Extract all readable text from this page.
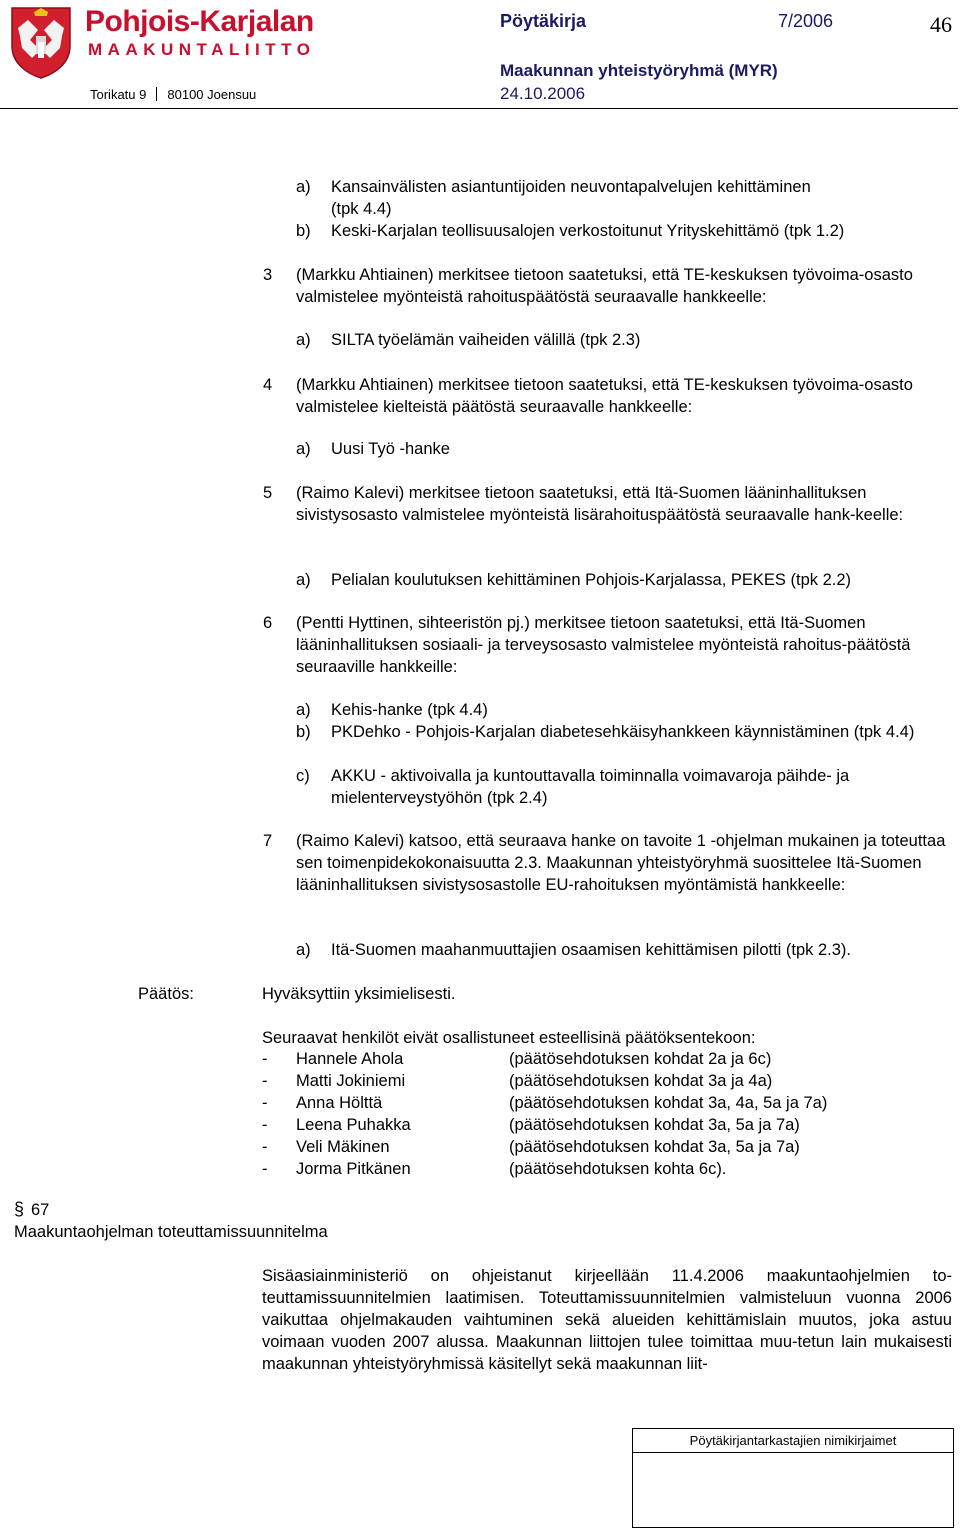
Pohjois-Karjalan
MAAKUNTALIITTO
Torikatu 9 80100 Joensuu
Pöytäkirja	7/2006	46
Maakunnan yhteistyöryhmä (MYR)
24.10.2006
a) Kansainvälisten asiantuntijoiden neuvontapalvelujen kehittäminen
(tpk 4.4)
b) Keski-Karjalan teollisuusalojen verkostoitunut Yrityskehittämö (tpk 1.2)
3 (Markku Ahtiainen) merkitsee tietoon saatetuksi, että TE-keskuksen työvoima-osasto valmistelee myönteistä rahoituspäätöstä seuraavalle hankkeelle:
a) SILTA työelämän vaiheiden välillä (tpk 2.3)
4 (Markku Ahtiainen) merkitsee tietoon saatetuksi, että TE-keskuksen työvoima-osasto valmistelee kielteistä päätöstä seuraavalle hankkeelle:
a) Uusi Työ -hanke
5 (Raimo Kalevi) merkitsee tietoon saatetuksi, että Itä-Suomen lääninhallituksen sivistysosasto valmistelee myönteistä lisärahoituspäätöstä seuraavalle hank-keelle:
a) Pelialan koulutuksen kehittäminen Pohjois-Karjalassa, PEKES (tpk 2.2)
6 (Pentti Hyttinen, sihteeristön pj.) merkitsee tietoon saatetuksi, että Itä-Suomen lääninhallituksen sosiaali- ja terveysosasto valmistelee myönteistä rahoitus-päätöstä seuraaville hankkeille:
a) Kehis-hanke (tpk 4.4)
b) PKDehko - Pohjois-Karjalan diabetesehkäisyhankkeen käynnistäminen (tpk 4.4)
c) AKKU - aktivoivalla ja kuntouttavalla toiminnalla voimavaroja päihde- ja mielenterveystyöhön (tpk 2.4)
7 (Raimo Kalevi) katsoo, että seuraava hanke on tavoite 1 -ohjelman mukainen ja toteuttaa sen toimenpidekokonaisuutta 2.3. Maakunnan yhteistyöryhmä suosittelee Itä-Suomen lääninhallituksen sivistysosastolle EU-rahoituksen myöntämistä hankkeelle:
a) Itä-Suomen maahanmuuttajien osaamisen kehittämisen pilotti (tpk 2.3).
Päätös:	Hyväksyttiin yksimielisesti.
Seuraavat henkilöt eivät osallistuneet esteellisinä päätöksentekoon:
- Hannele Ahola	(päätösehdotuksen kohdat 2a ja 6c)
- Matti Jokiniemi	(päätösehdotuksen kohdat 3a ja 4a)
- Anna Hölttä	(päätösehdotuksen kohdat 3a, 4a, 5a ja 7a)
- Leena Puhakka	(päätösehdotuksen kohdat 3a, 5a ja 7a)
- Veli Mäkinen	(päätösehdotuksen kohdat 3a, 5a ja 7a)
- Jorma Pitkänen	(päätösehdotuksen kohta 6c).
§ 67
Maakuntaohjelman toteuttamissuunnitelma
Sisäasiainministeriö on ohjeistanut kirjeellään 11.4.2006 maakuntaohjelmien to-teuttamissuunnitelmien laatimisen. Toteuttamissuunnitelmien valmisteluun vuonna 2006 vaikuttaa ohjelmakauden vaihtuminen sekä alueiden kehittämislain muutos, joka astuu voimaan vuoden 2007 alussa. Maakunnan liittojen tulee toimittaa muu-tetun lain mukaisesti maakunnan yhteistyöryhmissä käsitellyt sekä maakunnan liit-
Pöytäkirjantarkastajien nimikirjaimet
